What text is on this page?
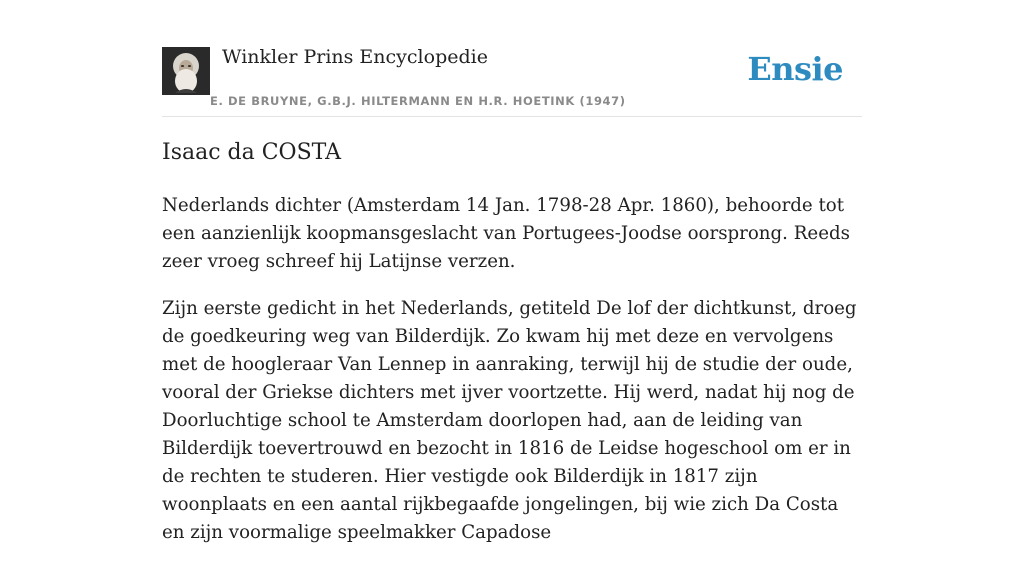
Winkler Prins Encyclopedie
E. DE BRUYNE, G.B.J. HILTERMANN EN H.R. HOETINK (1947)
Ensie
Isaac da COSTA

Nederlands dichter (Amsterdam 14 Jan. 1798-28 Apr. 1860), behoorde tot een aanzienlijk koopmansgeslacht van Portugees-Joodse oorsprong. Reeds zeer vroeg schreef hij Latijnse verzen.

Zijn eerste gedicht in het Nederlands, getiteld De lof der dichtkunst, droeg de goedkeuring weg van Bilderdijk. Zo kwam hij met deze en vervolgens met de hoogleraar Van Lennep in aanraking, terwijl hij de studie der oude, vooral der Griekse dichters met ijver voortzette. Hij werd, nadat hij nog de Doorluchtige school te Amsterdam doorlopen had, aan de leiding van Bilderdijk toevertrouwd en bezocht in 1816 de Leidse hogeschool om er in de rechten te studeren. Hier vestigde ook Bilderdijk in 1817 zijn woonplaats en een aantal rijkbegaafde jongelingen, bij wie zich Da Costa en zijn voormalige speelmakker Capadose
